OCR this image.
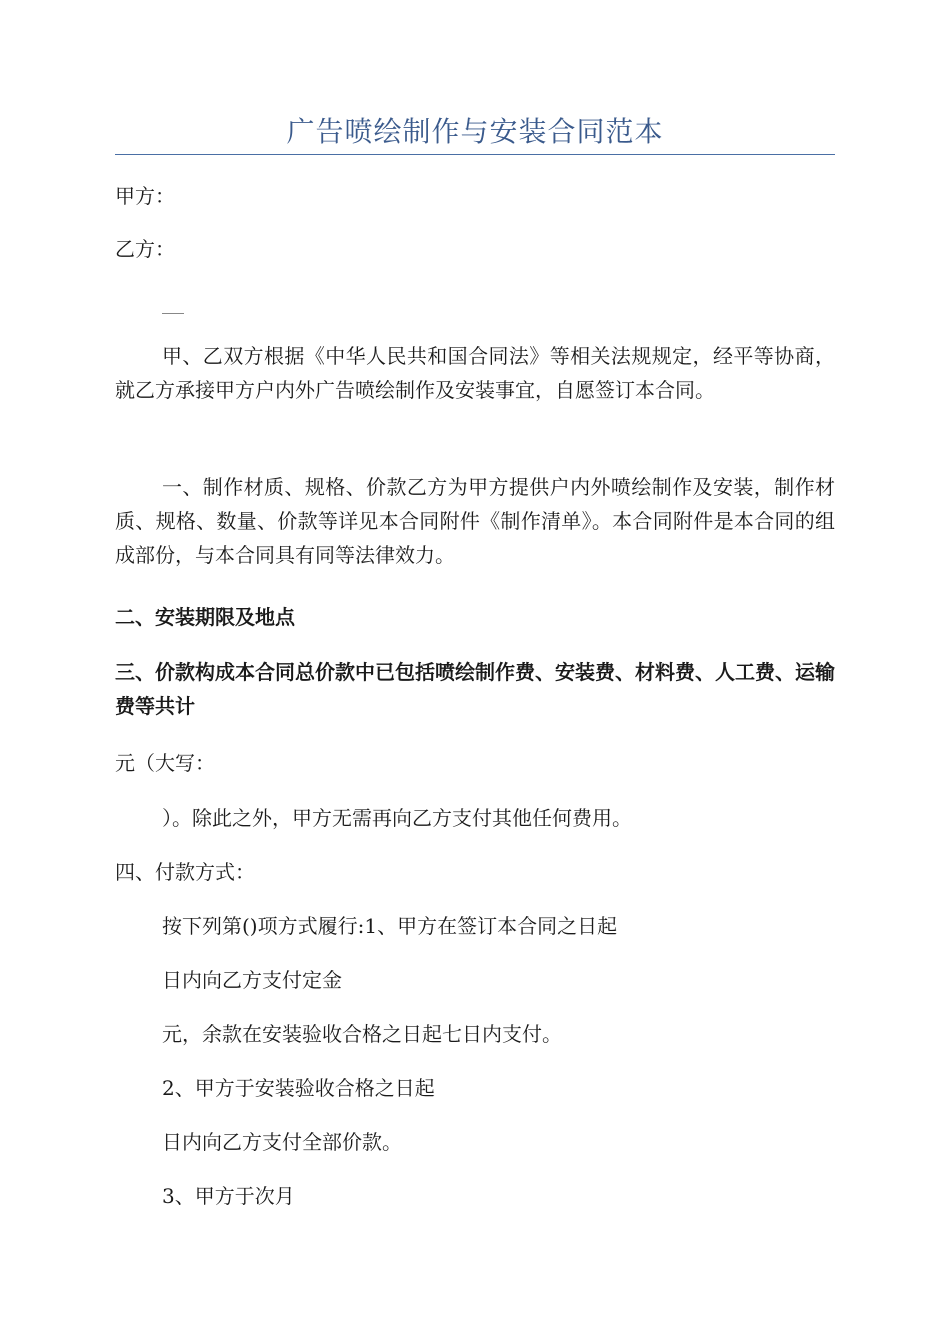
广告喷绘制作与安装合同范本

甲方：

乙方：

甲、乙双方根据《中华人民共和国合同法》等相关法规规定，经平等协商，就乙方承接甲方户内外广告喷绘制作及安装事宜，自愿签订本合同。

一、制作材质、规格、价款乙方为甲方提供户内外喷绘制作及安装，制作材质、规格、数量、价款等详见本合同附件《制作清单》。本合同附件是本合同的组成部份，与本合同具有同等法律效力。

二、安装期限及地点

三、价款构成本合同总价款中已包括喷绘制作费、安装费、材料费、人工费、运输费等共计

元（大写：

）。除此之外，甲方无需再向乙方支付其他任何费用。

四、付款方式：

按下列第()项方式履行:1、甲方在签订本合同之日起

日内向乙方支付定金

元，余款在安装验收合格之日起七日内支付。

2、甲方于安装验收合格之日起

日内向乙方支付全部价款。

3、甲方于次月
